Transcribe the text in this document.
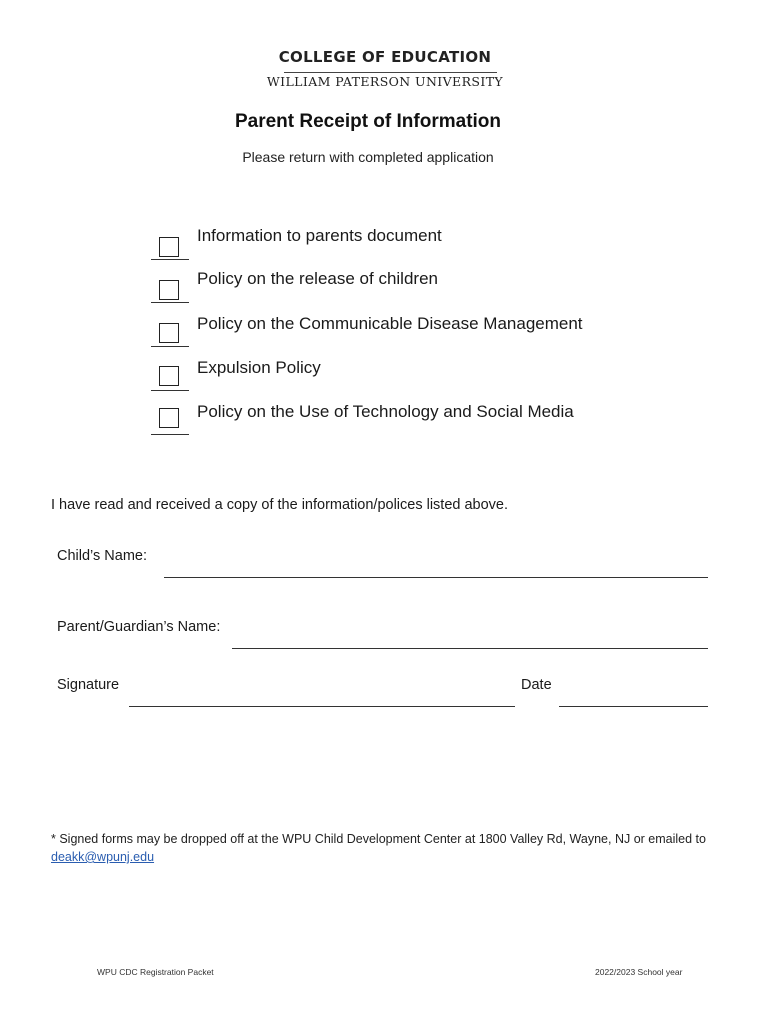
COLLEGE OF EDUCATION
WILLIAM PATERSON UNIVERSITY
Parent Receipt of Information
Please return with completed application
Information to parents document
Policy on the release of children
Policy on the Communicable Disease Management
Expulsion Policy
Policy on the Use of Technology and Social Media
I have read and received a copy of the information/polices listed above.
Child’s Name:
Parent/Guardian’s Name:
Signature	Date
* Signed forms may be dropped off at the WPU Child Development Center at 1800 Valley Rd, Wayne, NJ or emailed to
deakk@wpunj.edu
WPU CDC Registration Packet	2022/2023 School year
